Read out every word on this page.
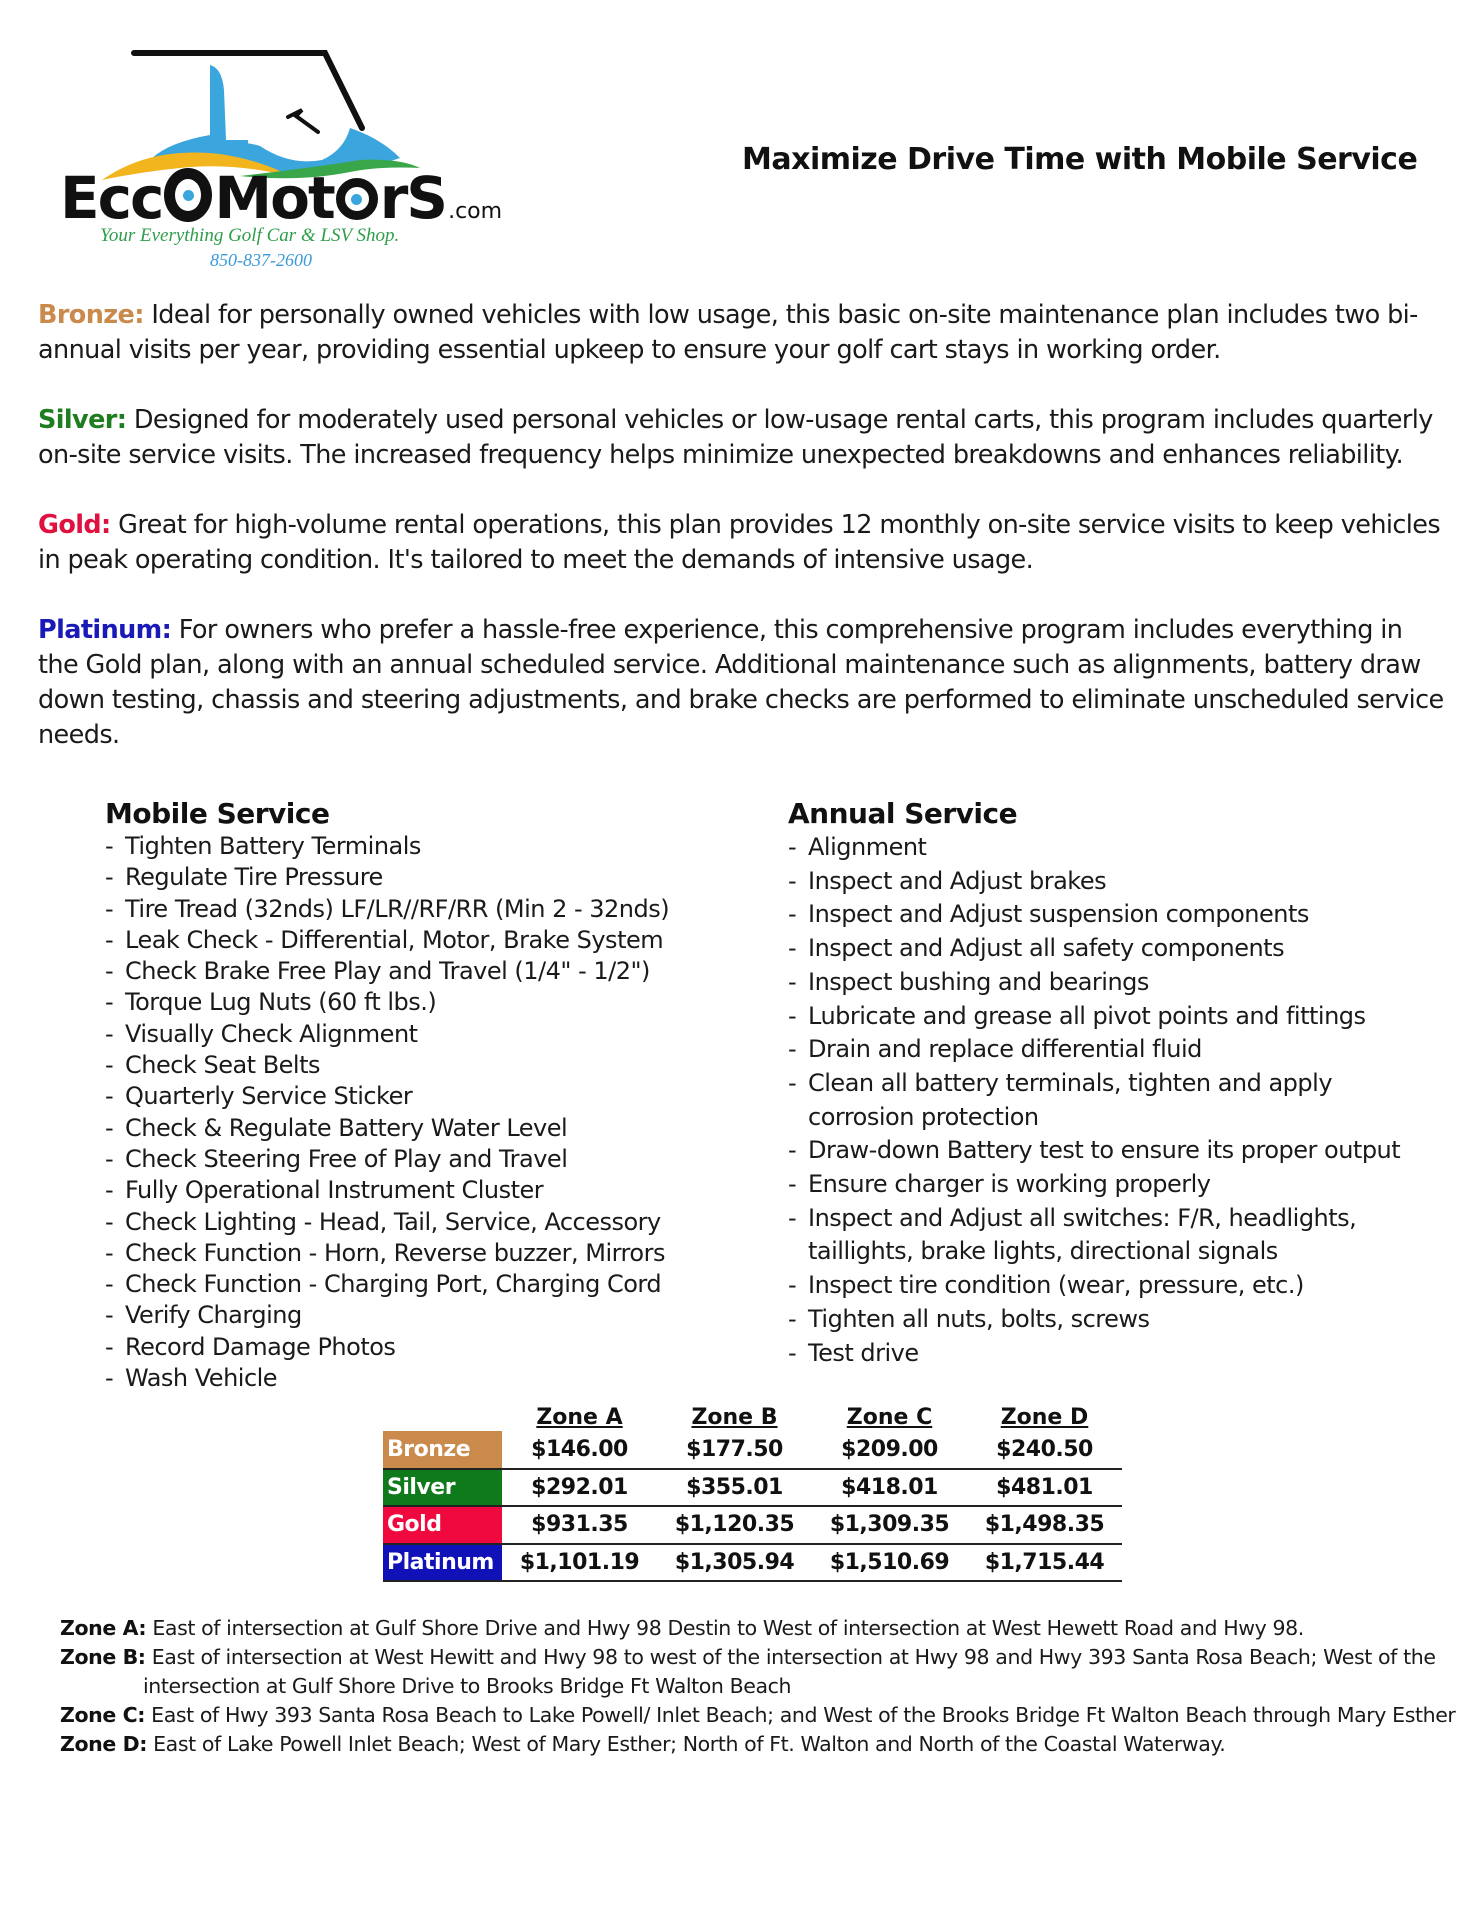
Ecc Mot rS.com
Your Everything Golf Car & LSV Shop.
850-837-2600
Maximize Drive Time with Mobile Service

Bronze: Ideal for personally owned vehicles with low usage, this basic on-site maintenance plan includes two bi-annual visits per year, providing essential upkeep to ensure your golf cart stays in working order.

Silver: Designed for moderately used personal vehicles or low-usage rental carts, this program includes quarterly on-site service visits. The increased frequency helps minimize unexpected breakdowns and enhances reliability.

Gold: Great for high-volume rental operations, this plan provides 12 monthly on-site service visits to keep vehicles in peak operating condition. It's tailored to meet the demands of intensive usage.

Platinum: For owners who prefer a hassle-free experience, this comprehensive program includes everything in the Gold plan, along with an annual scheduled service. Additional maintenance such as alignments, battery draw down testing, chassis and steering adjustments, and brake checks are performed to eliminate unscheduled service needs.

Mobile Service
- Tighten Battery Terminals
- Regulate Tire Pressure
- Tire Tread (32nds) LF/LR//RF/RR (Min 2 - 32nds)
- Leak Check - Differential, Motor, Brake System
- Check Brake Free Play and Travel (1/4" - 1/2")
- Torque Lug Nuts (60 ft lbs.)
- Visually Check Alignment
- Check Seat Belts
- Quarterly Service Sticker
- Check & Regulate Battery Water Level
- Check Steering Free of Play and Travel
- Fully Operational Instrument Cluster
- Check Lighting - Head, Tail, Service, Accessory
- Check Function - Horn, Reverse buzzer, Mirrors
- Check Function - Charging Port, Charging Cord
- Verify Charging
- Record Damage Photos
- Wash Vehicle
Annual Service
- Alignment
- Inspect and Adjust brakes
- Inspect and Adjust suspension components
- Inspect and Adjust all safety components
- Inspect bushing and bearings
- Lubricate and grease all pivot points and fittings
- Drain and replace differential fluid
- Clean all battery terminals, tighten and apply corrosion protection
- Draw-down Battery test to ensure its proper output
- Ensure charger is working properly
- Inspect and Adjust all switches: F/R, headlights, taillights, brake lights, directional signals
- Inspect tire condition (wear, pressure, etc.)
- Tighten all nuts, bolts, screws
- Test drive
	Zone A	Zone B	Zone C	Zone D
Bronze	$146.00	$177.50	$209.00	$240.50
Silver	$292.01	$355.01	$418.01	$481.01
Gold	$931.35	$1,120.35	$1,309.35	$1,498.35
Platinum	$1,101.19	$1,305.94	$1,510.69	$1,715.44

Zone A: East of intersection at Gulf Shore Drive and Hwy 98 Destin to West of intersection at West Hewett Road and Hwy 98.

Zone B: East of intersection at West Hewitt and Hwy 98 to west of the intersection at Hwy 98 and Hwy 393 Santa Rosa Beach; West of the intersection at Gulf Shore Drive to Brooks Bridge Ft Walton Beach

Zone C: East of Hwy 393 Santa Rosa Beach to Lake Powell/ Inlet Beach; and West of the Brooks Bridge Ft Walton Beach through Mary Esther

Zone D: East of Lake Powell Inlet Beach; West of Mary Esther; North of Ft. Walton and North of the Coastal Waterway.
